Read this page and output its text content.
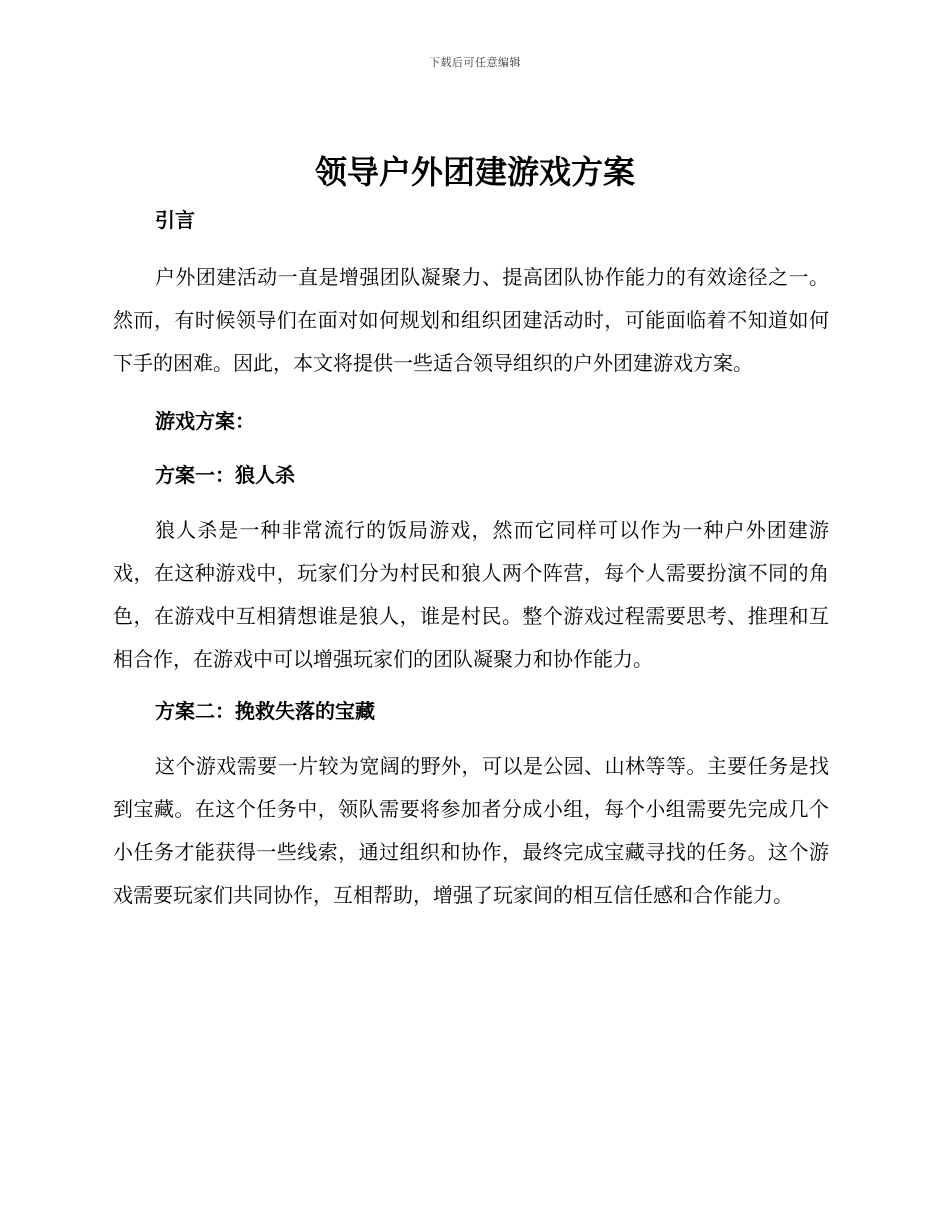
下载后可任意编辑
领导户外团建游戏方案
引言

户外团建活动一直是增强团队凝聚力、提高团队协作能力的有效途径之一。然而，有时候领导们在面对如何规划和组织团建活动时，可能面临着不知道如何下手的困难。因此，本文将提供一些适合领导组织的户外团建游戏方案。

游戏方案：
方案一：狼人杀

狼人杀是一种非常流行的饭局游戏，然而它同样可以作为一种户外团建游戏，在这种游戏中，玩家们分为村民和狼人两个阵营，每个人需要扮演不同的角色，在游戏中互相猜想谁是狼人，谁是村民。整个游戏过程需要思考、推理和互相合作，在游戏中可以增强玩家们的团队凝聚力和协作能力。

方案二：挽救失落的宝藏

这个游戏需要一片较为宽阔的野外，可以是公园、山林等等。主要任务是找到宝藏。在这个任务中，领队需要将参加者分成小组，每个小组需要先完成几个小任务才能获得一些线索，通过组织和协作，最终完成宝藏寻找的任务。这个游戏需要玩家们共同协作，互相帮助，增强了玩家间的相互信任感和合作能力。
